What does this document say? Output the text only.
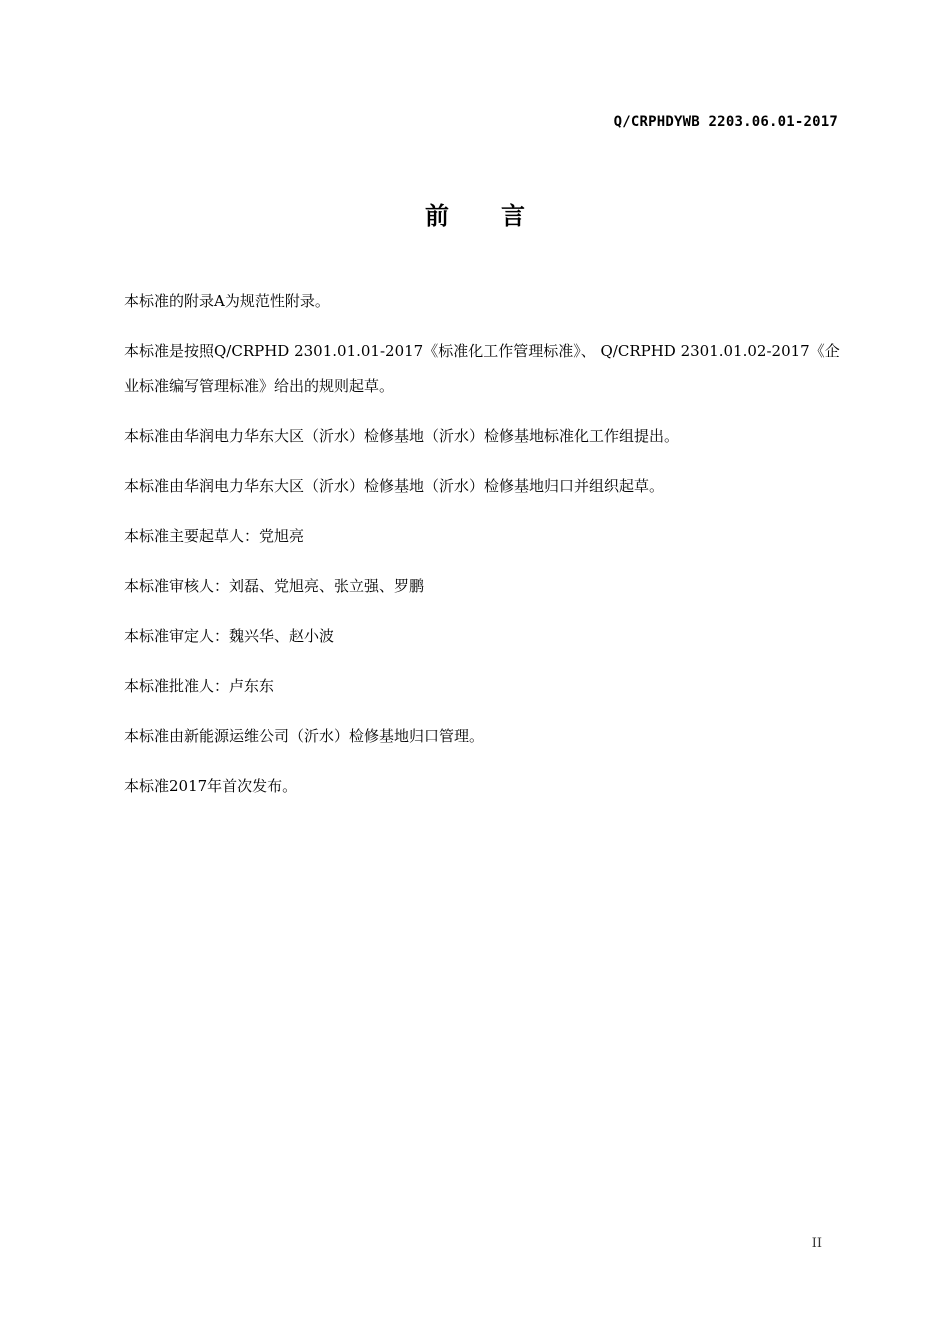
Q/CRPHDYWB 2203.06.01-2017
前言

本标准的附录A为规范性附录。

本标准是按照Q/CRPHD 2301.01.01-2017《标准化工作管理标准》、 Q/CRPHD 2301.01.02-2017《企业标准编写管理标准》给出的规则起草。

本标准由华润电力华东大区（沂水）检修基地（沂水）检修基地标准化工作组提出。

本标准由华润电力华东大区（沂水）检修基地（沂水）检修基地归口并组织起草。

本标准主要起草人：党旭亮

本标准审核人：刘磊、党旭亮、张立强、罗鹏

本标准审定人：魏兴华、赵小波

本标准批准人：卢东东

本标准由新能源运维公司（沂水）检修基地归口管理。

本标准2017年首次发布。

II
